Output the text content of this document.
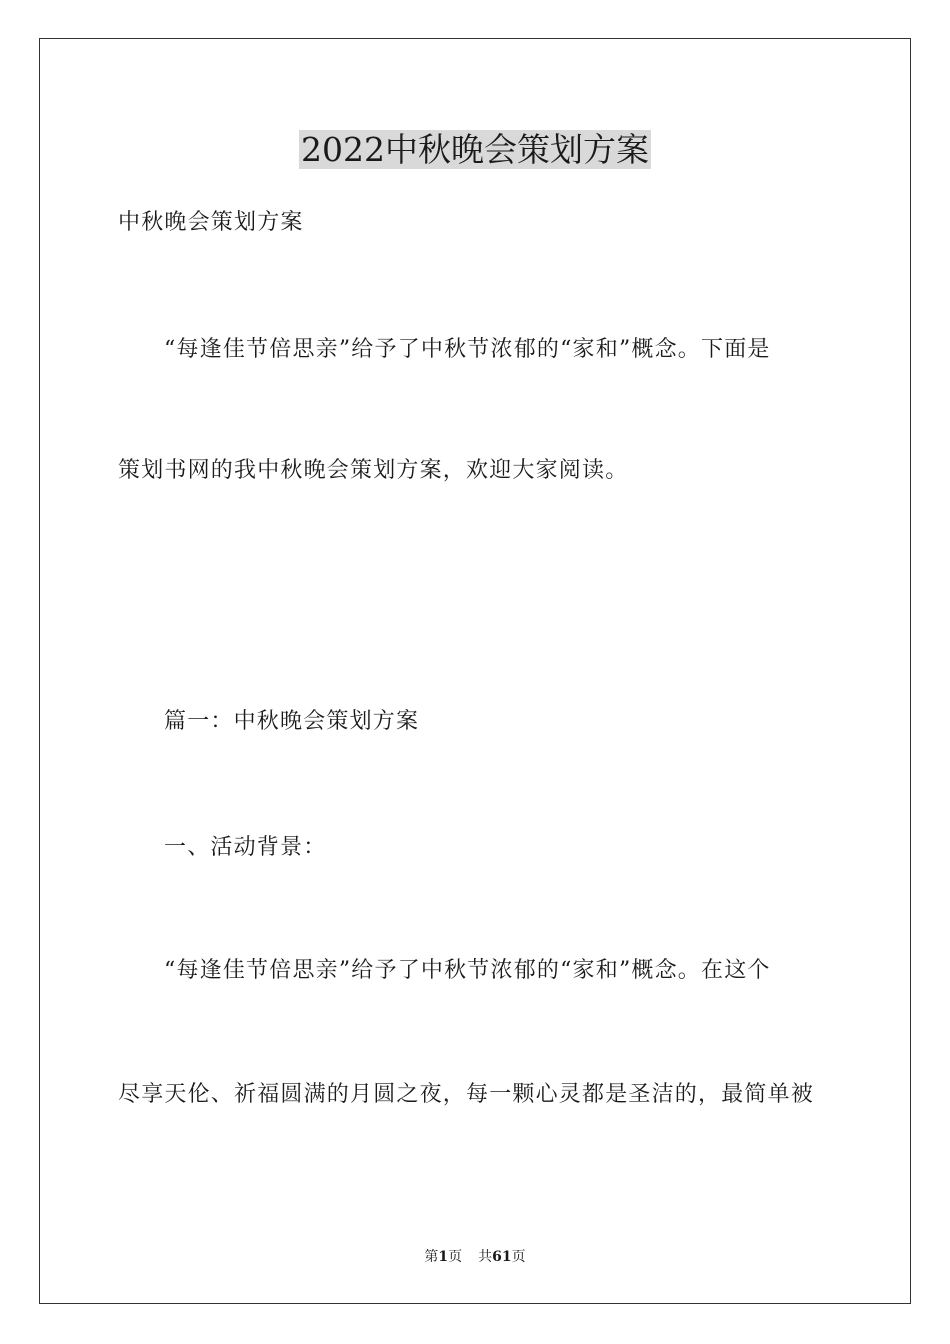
2022中秋晚会策划方案

中秋晚会策划方案

“每逢佳节倍思亲”给予了中秋节浓郁的“家和”概念。下面是

策划书网的我中秋晚会策划方案，欢迎大家阅读。

篇一：中秋晚会策划方案

一、活动背景：

“每逢佳节倍思亲”给予了中秋节浓郁的“家和”概念。在这个

尽享天伦、祈福圆满的月圆之夜，每一颗心灵都是圣洁的，最简单被

第1页 共61页
